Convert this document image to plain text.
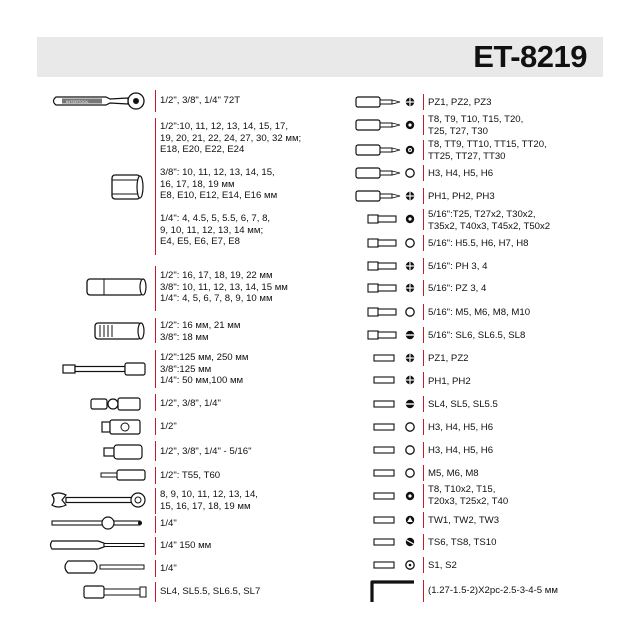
ET-8219
INTERTOOL	1/2", 3/8", 1/4" 72T
1/2":10, 11, 12, 13, 14, 15, 17,
19, 20, 21, 22, 24, 27, 30, 32 мм;
E18, E20, E22, E24

3/8": 10, 11, 12, 13, 14, 15,
16, 17, 18, 19 мм
E8, E10, E12, E14, E16 мм

1/4": 4, 4.5, 5, 5.5, 6, 7, 8,
9, 10, 11, 12, 13, 14 мм;
E4, E5, E6, E7, E8
1/2": 16, 17, 18, 19, 22 мм
3/8": 10, 11, 12, 13, 14, 15 мм
1/4": 4, 5, 6, 7, 8, 9, 10 мм
1/2": 16 мм, 21 мм
3/8": 18 мм
1/2":125 мм, 250 мм
3/8":125 мм
1/4": 50 мм,100 мм
1/2", 3/8", 1/4"
1/2"
1/2", 3/8", 1/4" - 5/16"
1/2": T55, T60
8, 9, 10, 11, 12, 13, 14,
15, 16, 17, 18, 19 мм
1/4"
1/4" 150 мм
1/4"
SL4, SL5.5, SL6.5, SL7
PZ1, PZ2, PZ3
T8, T9, T10, T15, T20,
T25, T27, T30
T8, TT9, TT10, TT15, TT20,
TT25, TT27, TT30
H3, H4, H5, H6
PH1, PH2, PH3
5/16":T25, T27x2, T30x2,
T35x2, T40x3, T45x2, T50x2
5/16": H5.5, H6, H7, H8
5/16": PH 3, 4
5/16": PZ 3, 4
5/16": M5, M6, M8, M10
5/16": SL6, SL6.5, SL8
PZ1, PZ2
PH1, PH2
SL4, SL5, SL5.5
H3, H4, H5, H6
H3, H4, H5, H6
M5, M6, M8
T8, T10x2, T15,
T20x3, T25x2, T40
TW1, TW2, TW3
TS6, TS8, TS10
S1, S2
(1.27-1.5-2)X2pc-2.5-3-4-5 мм
